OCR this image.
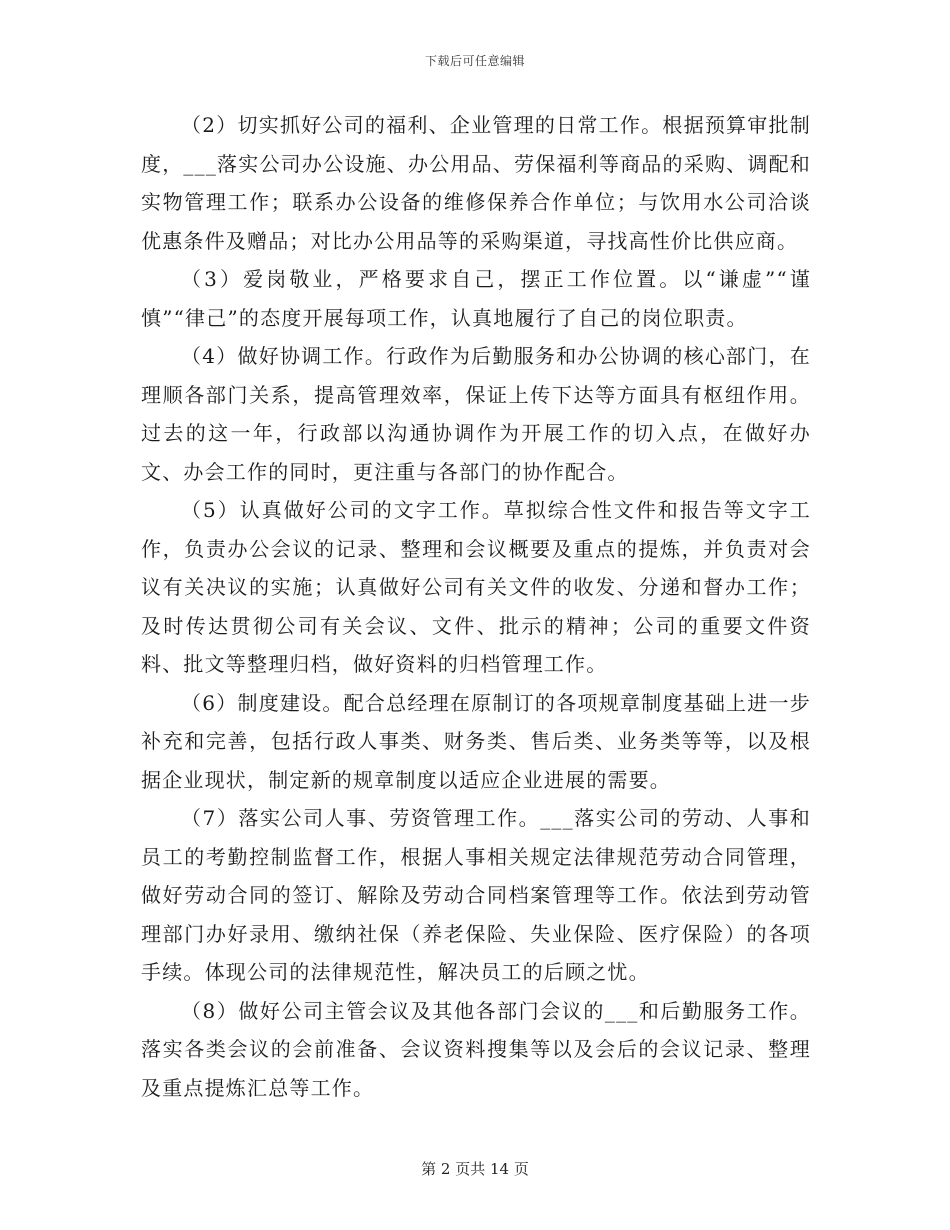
下载后可任意编辑

（2）切实抓好公司的福利、企业管理的日常工作。根据预算审批制度，___落实公司办公设施、办公用品、劳保福利等商品的采购、调配和实物管理工作；联系办公设备的维修保养合作单位；与饮用水公司洽谈优惠条件及赠品；对比办公用品等的采购渠道，寻找高性价比供应商。

（3）爱岗敬业，严格要求自己，摆正工作位置。以“谦虚”“谨慎”“律己”的态度开展每项工作，认真地履行了自己的岗位职责。

（4）做好协调工作。行政作为后勤服务和办公协调的核心部门，在理顺各部门关系，提高管理效率，保证上传下达等方面具有枢纽作用。过去的这一年，行政部以沟通协调作为开展工作的切入点，在做好办文、办会工作的同时，更注重与各部门的协作配合。

（5）认真做好公司的文字工作。草拟综合性文件和报告等文字工作，负责办公会议的记录、整理和会议概要及重点的提炼，并负责对会议有关决议的实施；认真做好公司有关文件的收发、分递和督办工作；及时传达贯彻公司有关会议、文件、批示的精神；公司的重要文件资料、批文等整理归档，做好资料的归档管理工作。

（6）制度建设。配合总经理在原制订的各项规章制度基础上进一步补充和完善，包括行政人事类、财务类、售后类、业务类等等，以及根据企业现状，制定新的规章制度以适应企业进展的需要。

（7）落实公司人事、劳资管理工作。___落实公司的劳动、人事和员工的考勤控制监督工作，根据人事相关规定法律规范劳动合同管理，做好劳动合同的签订、解除及劳动合同档案管理等工作。依法到劳动管理部门办好录用、缴纳社保（养老保险、失业保险、医疗保险）的各项手续。体现公司的法律规范性，解决员工的后顾之忧。

（8）做好公司主管会议及其他各部门会议的___和后勤服务工作。落实各类会议的会前准备、会议资料搜集等以及会后的会议记录、整理及重点提炼汇总等工作。

第 2 页共 14 页
